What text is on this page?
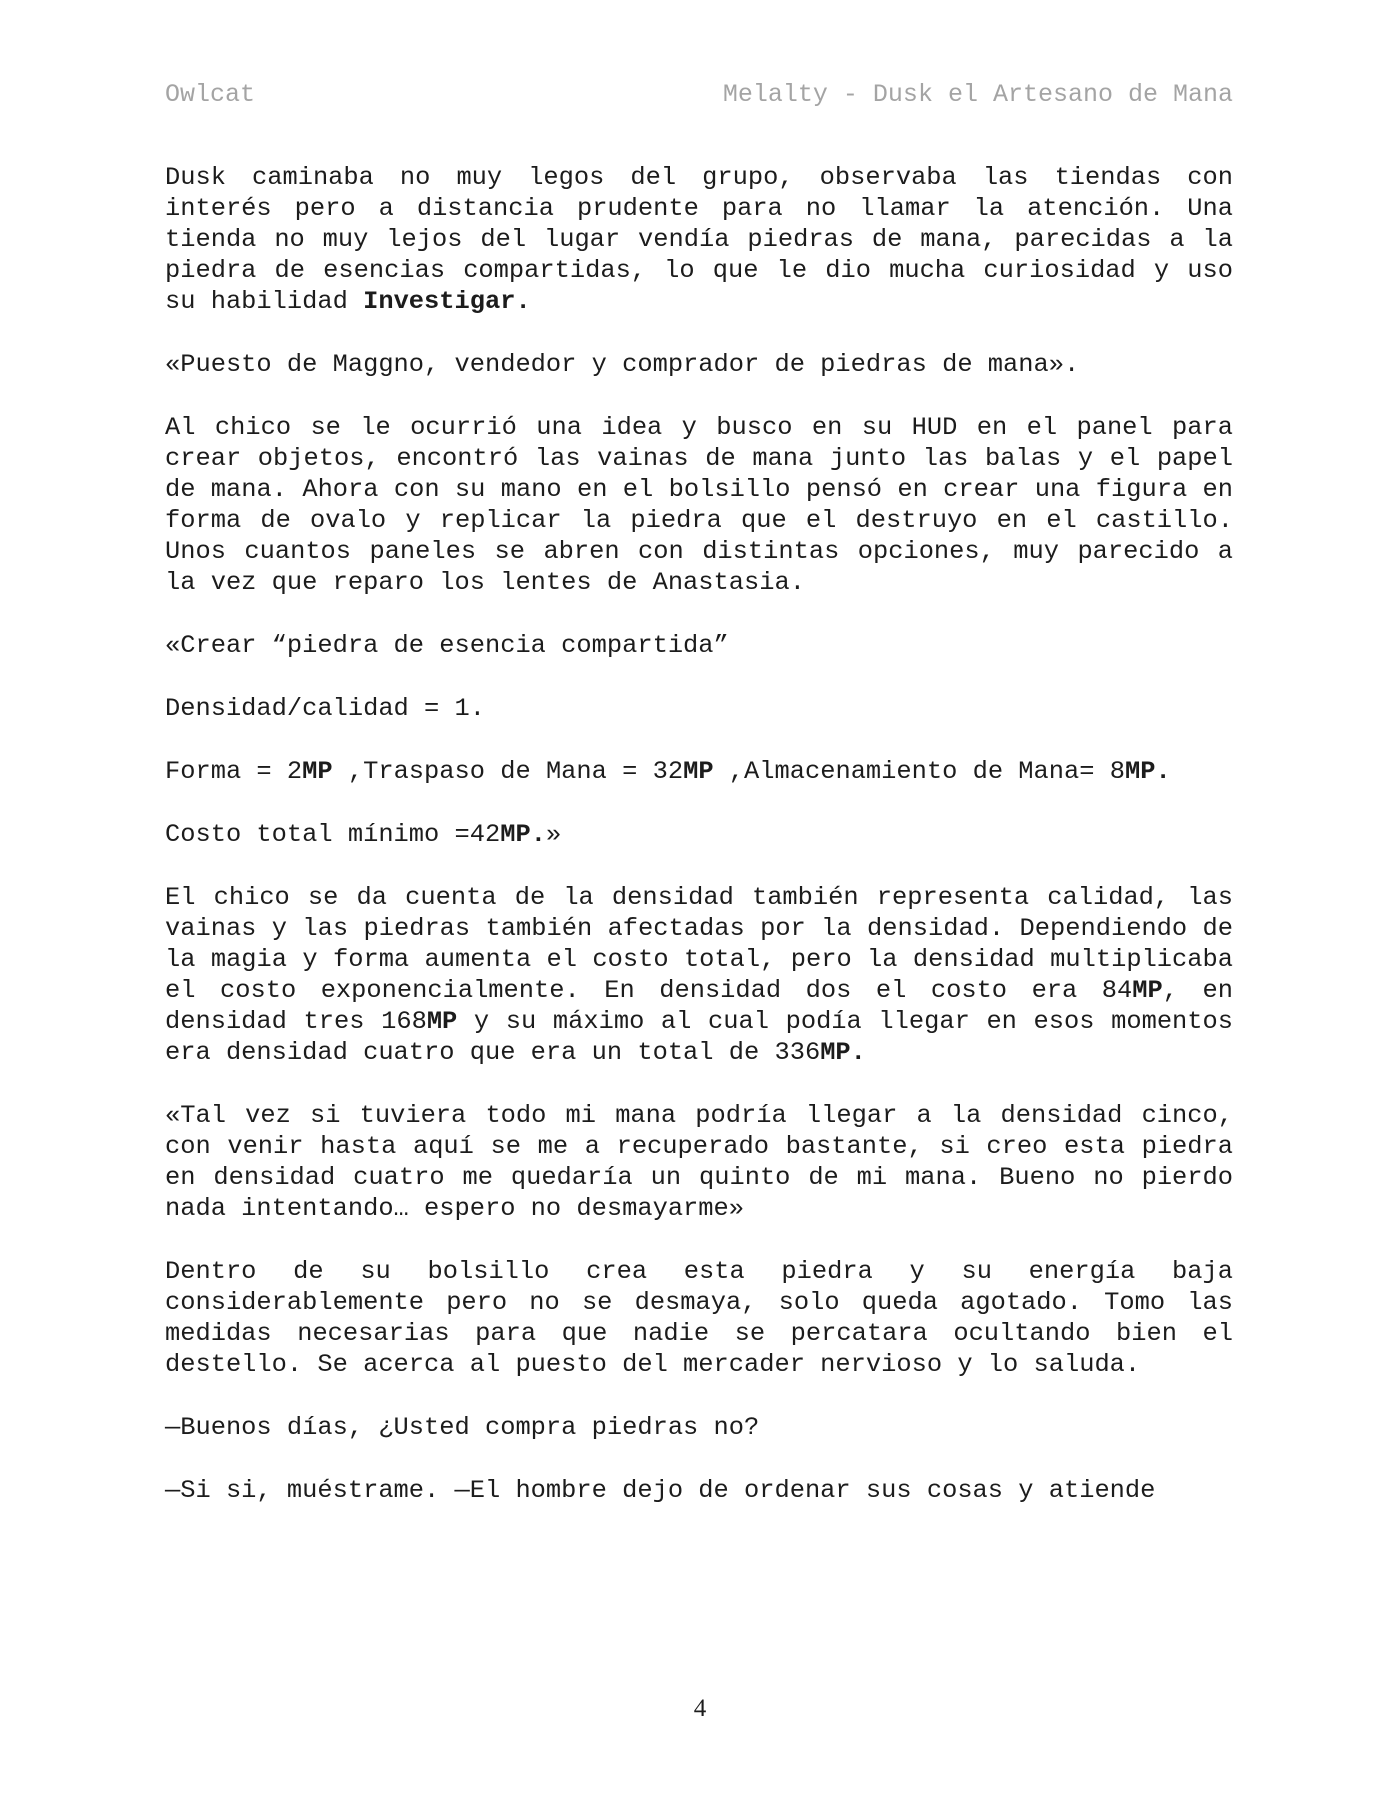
Owlcat	Melalty - Dusk el Artesano de Mana

Dusk caminaba no muy legos del grupo, observaba las tiendas con interés pero a distancia prudente para no llamar la atención. Una tienda no muy lejos del lugar vendía piedras de mana, parecidas a la piedra de esencias compartidas, lo que le dio mucha curiosidad y uso su habilidad Investigar.

«Puesto de Maggno, vendedor y comprador de piedras de mana».

Al chico se le ocurrió una idea y busco en su HUD en el panel para crear objetos, encontró las vainas de mana junto las balas y el papel de mana. Ahora con su mano en el bolsillo pensó en crear una figura en forma de ovalo y replicar la piedra que el destruyo en el castillo. Unos cuantos paneles se abren con distintas opciones, muy parecido a la vez que reparo los lentes de Anastasia.

«Crear “piedra de esencia compartida”

Densidad/calidad = 1.

Forma = 2MP ,Traspaso de Mana = 32MP ,Almacenamiento de Mana= 8MP.

Costo total mínimo =42MP.»

El chico se da cuenta de la densidad también representa calidad, las vainas y las piedras también afectadas por la densidad. Dependiendo de la magia y forma aumenta el costo total, pero la densidad multiplicaba el costo exponencialmente. En densidad dos el costo era 84MP, en densidad tres 168MP y su máximo al cual podía llegar en esos momentos era densidad cuatro que era un total de 336MP.

«Tal vez si tuviera todo mi mana podría llegar a la densidad cinco, con venir hasta aquí se me a recuperado bastante, si creo esta piedra en densidad cuatro me quedaría un quinto de mi mana. Bueno no pierdo nada intentando… espero no desmayarme»

Dentro de su bolsillo crea esta piedra y su energía baja considerablemente pero no se desmaya, solo queda agotado. Tomo las medidas necesarias para que nadie se percatara ocultando bien el destello. Se acerca al puesto del mercader nervioso y lo saluda.

—Buenos días, ¿Usted compra piedras no?

—Si si, muéstrame. —El hombre dejo de ordenar sus cosas y atiende

4
